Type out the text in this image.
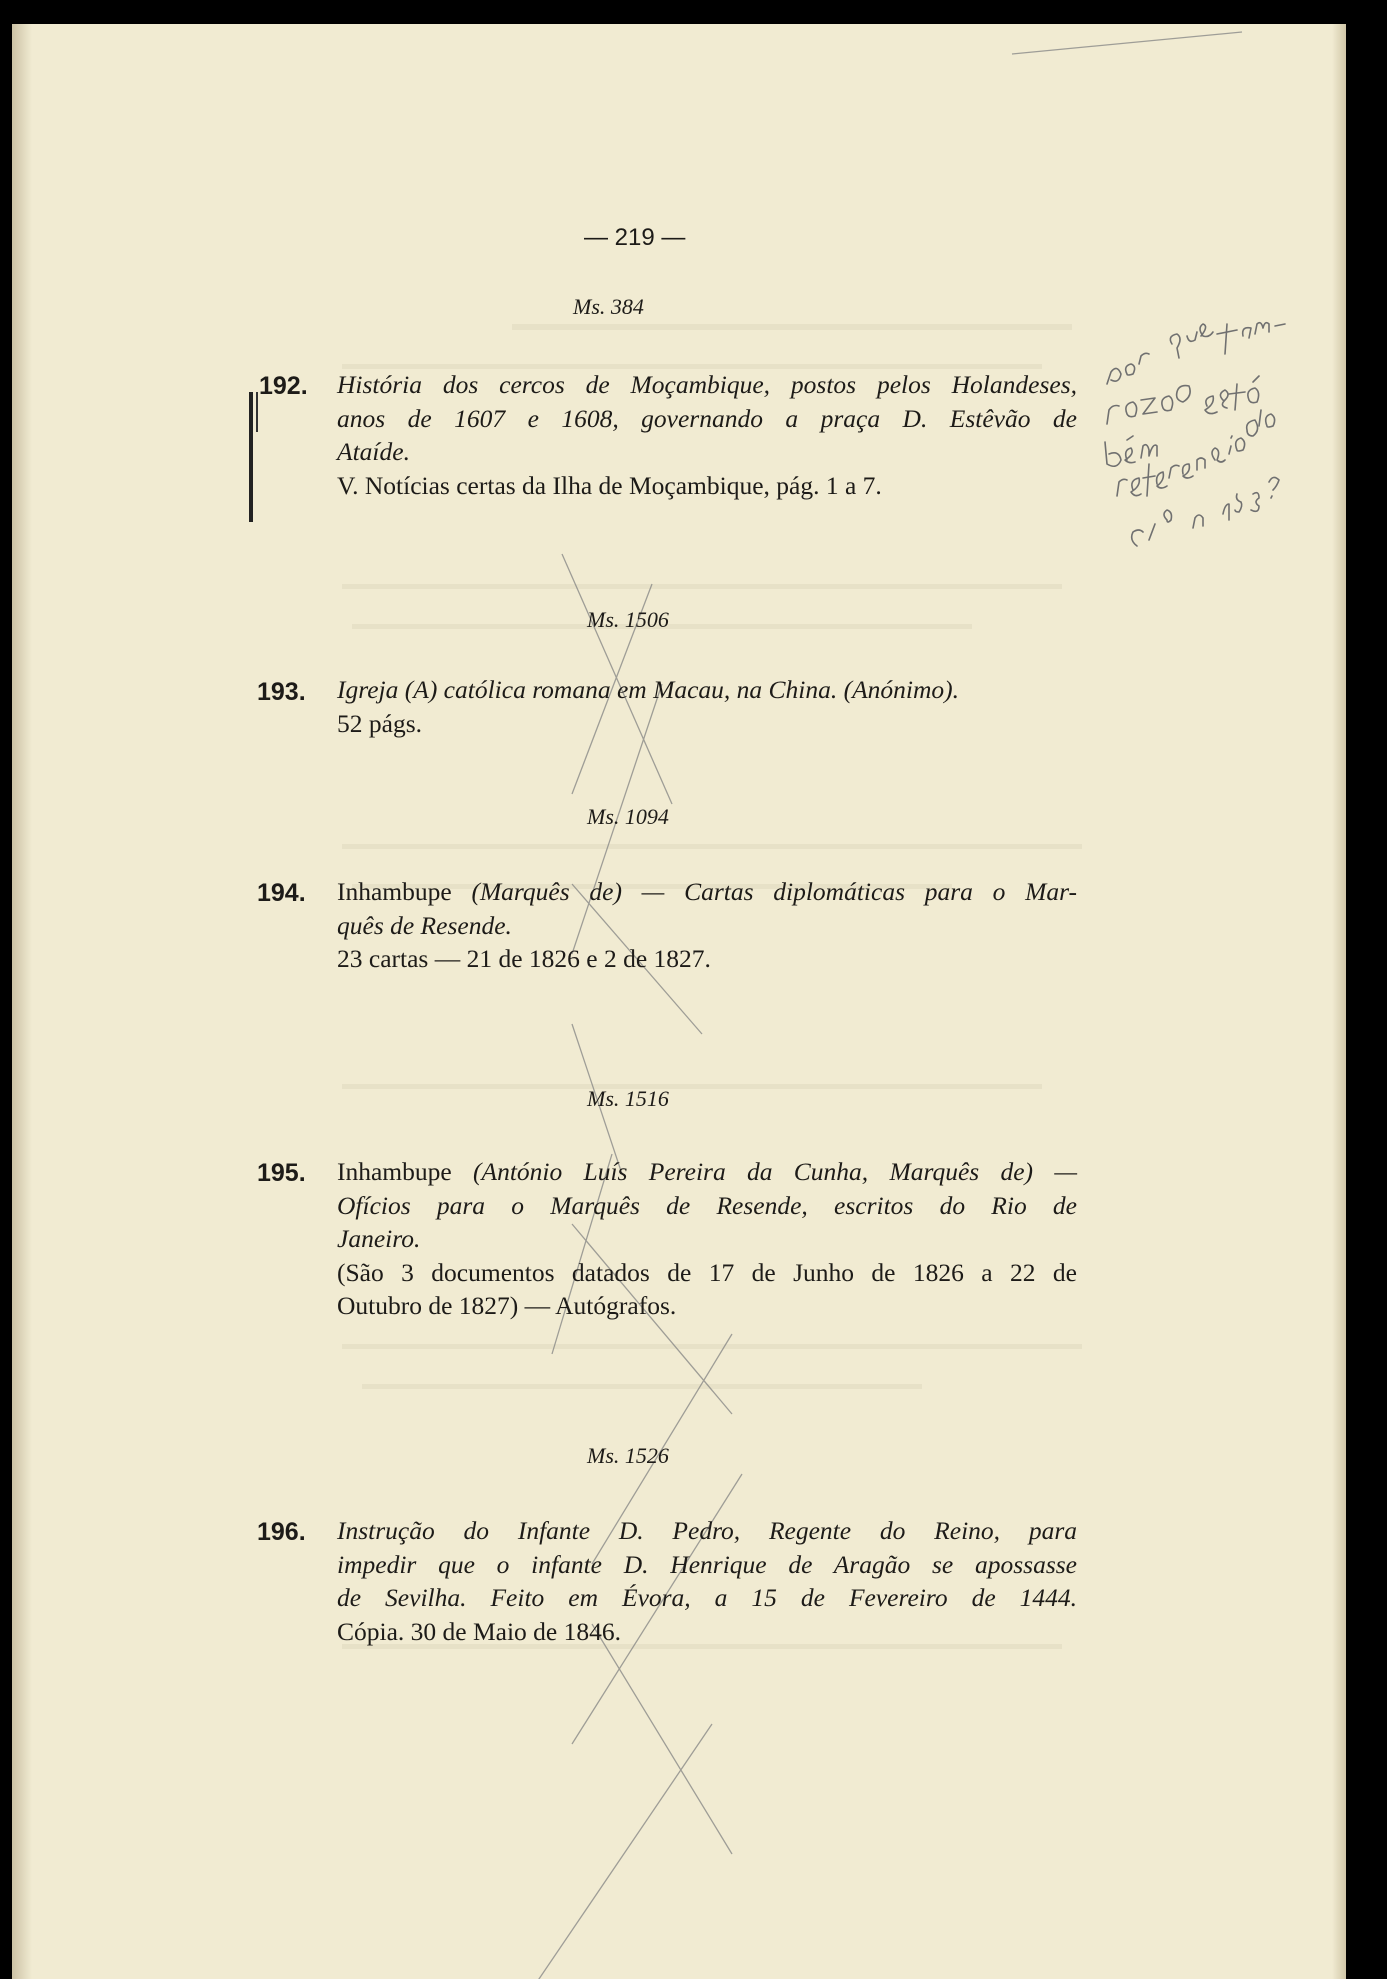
— 219 —
Ms. 384
192. História dos cercos de Moçambique, postos pelos Holandeses,
anos de 1607 e 1608, governando a praça D. Estêvão de
Ataíde.
V. Notícias certas da Ilha de Moçambique, pág. 1 a 7.
Ms. 1506
193. Igreja (A) católica romana em Macau, na China. (Anónimo).
52 págs.
Ms. 1094
194. Inhambupe (Marquês de) — Cartas diplomáticas para o Mar-
quês de Resende.
23 cartas — 21 de 1826 e 2 de 1827.
Ms. 1516
195. Inhambupe (António Luís Pereira da Cunha, Marquês de) —
Ofícios para o Marquês de Resende, escritos do Rio de
Janeiro.
(São 3 documentos datados de 17 de Junho de 1826 a 22 de
Outubro de 1827) — Autógrafos.
Ms. 1526
196. Instrução do Infante D. Pedro, Regente do Reino, para
impedir que o infante D. Henrique de Aragão se apossasse
de Sevilha. Feito em Évora, a 15 de Fevereiro de 1444.
Cópia. 30 de Maio de 1846.
